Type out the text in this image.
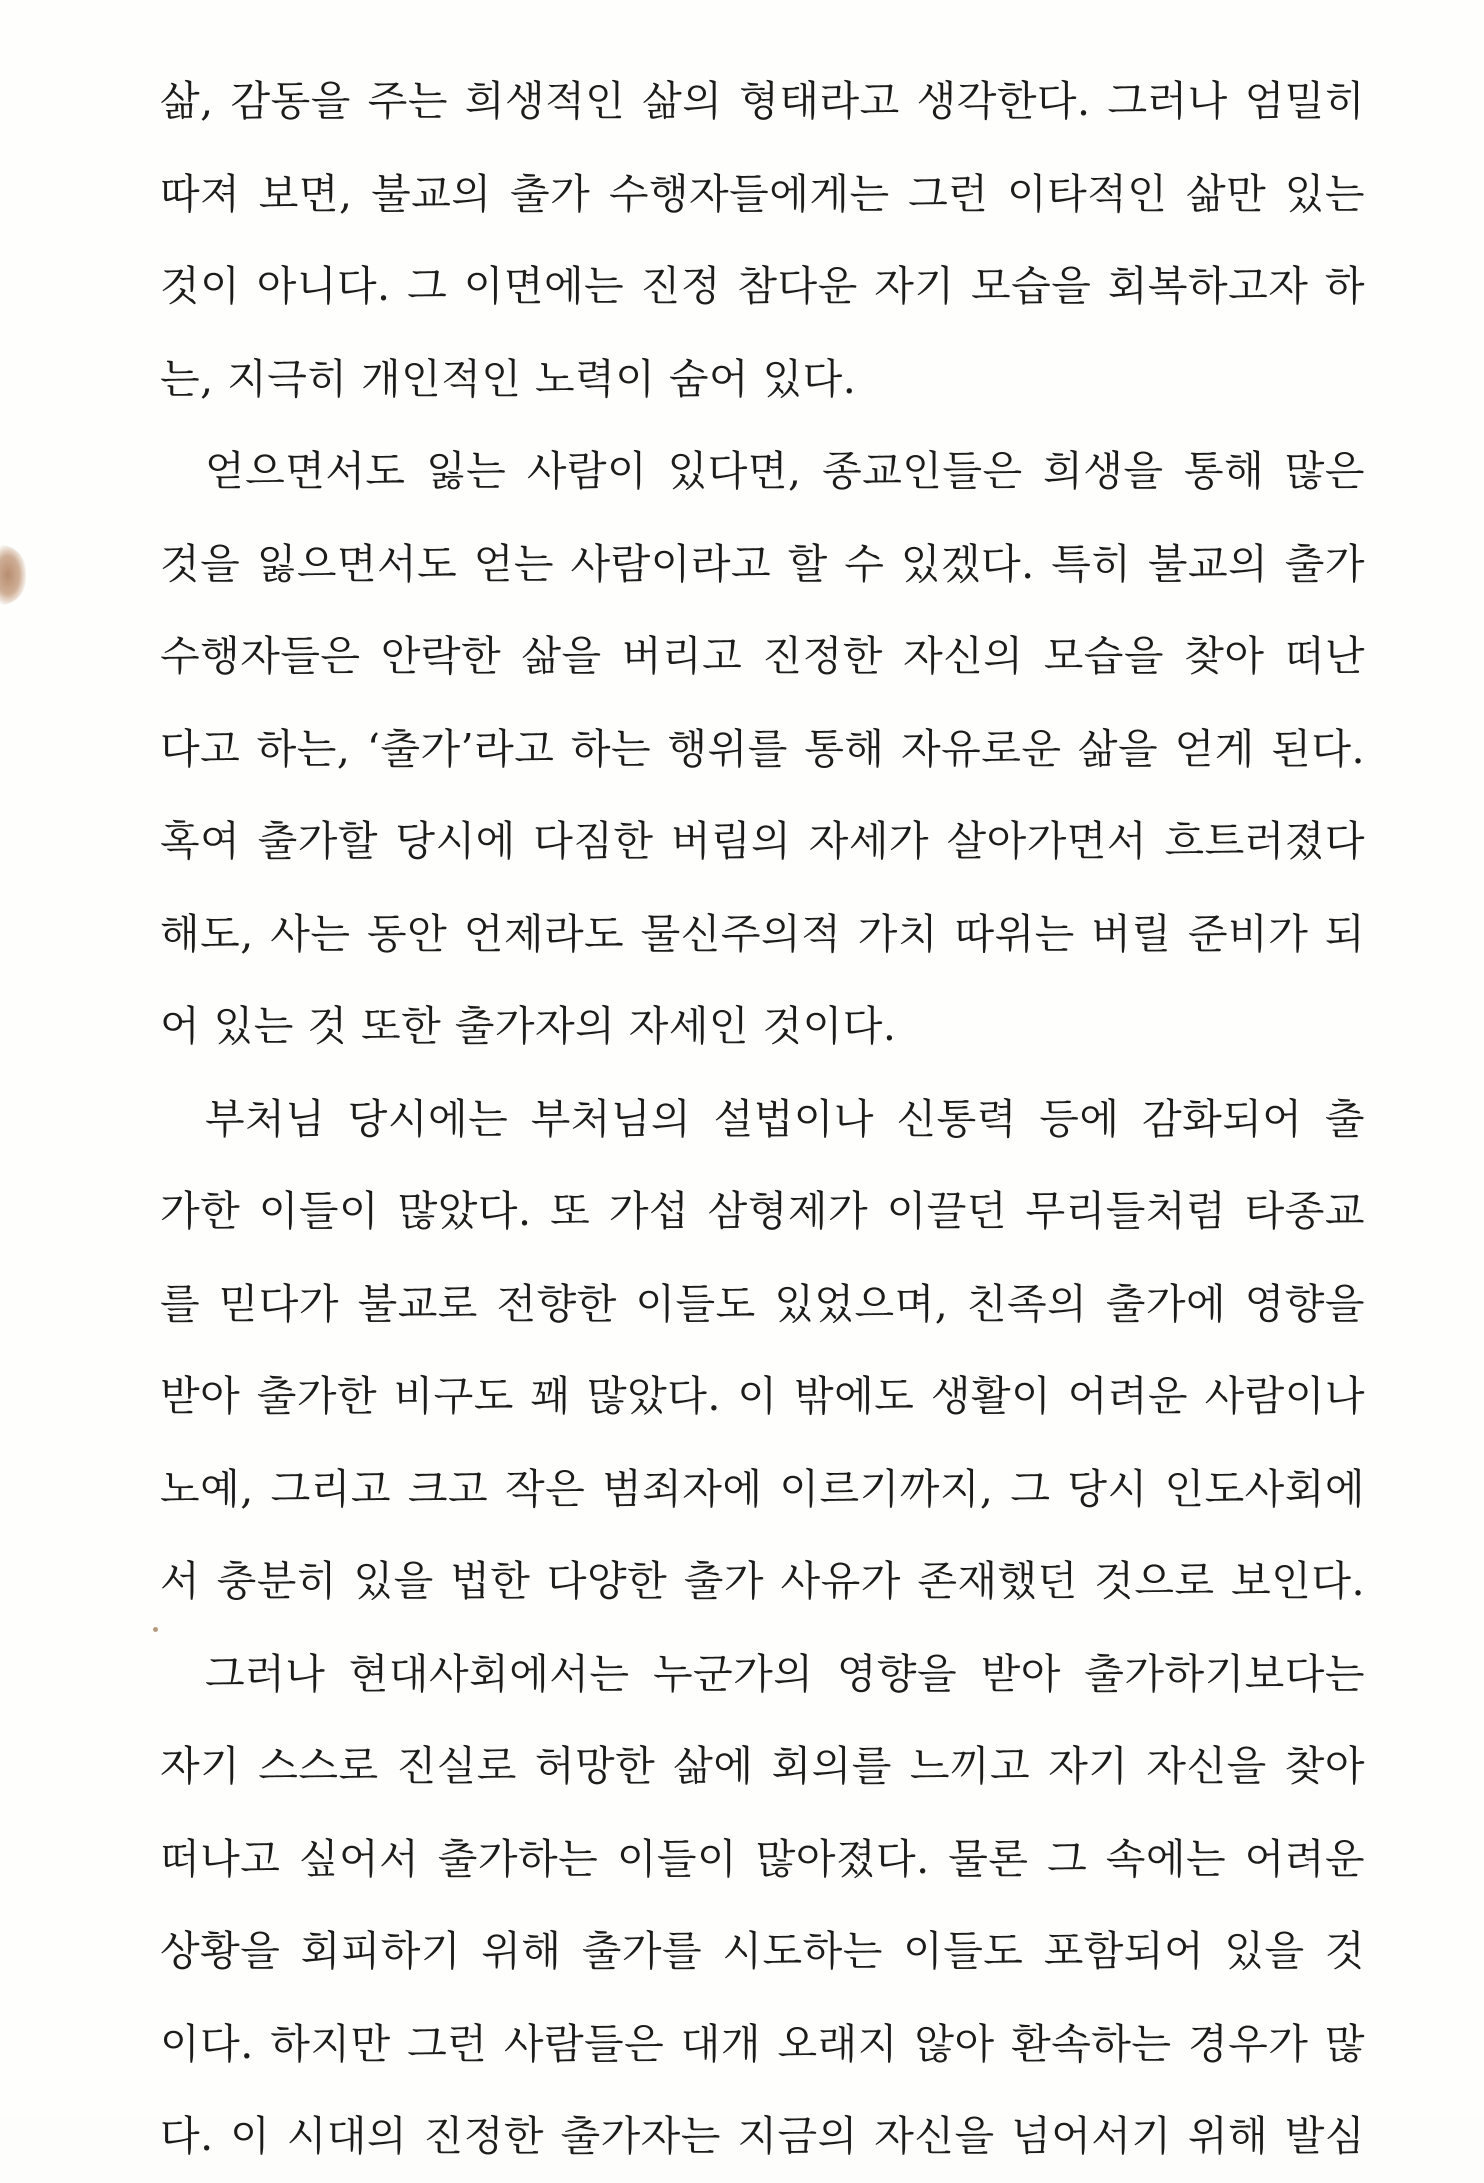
삶, 감동을 주는 희생적인 삶의 형태라고 생각한다. 그러나 엄밀히
따져 보면, 불교의 출가 수행자들에게는 그런 이타적인 삶만 있는
것이 아니다. 그 이면에는 진정 참다운 자기 모습을 회복하고자 하
는, 지극히 개인적인 노력이 숨어 있다.
얻으면서도 잃는 사람이 있다면, 종교인들은 희생을 통해 많은
것을 잃으면서도 얻는 사람이라고 할 수 있겠다. 특히 불교의 출가
수행자들은 안락한 삶을 버리고 진정한 자신의 모습을 찾아 떠난
다고 하는, ‘출가’라고 하는 행위를 통해 자유로운 삶을 얻게 된다.
혹여 출가할 당시에 다짐한 버림의 자세가 살아가면서 흐트러졌다
해도, 사는 동안 언제라도 물신주의적 가치 따위는 버릴 준비가 되
어 있는 것 또한 출가자의 자세인 것이다.
부처님 당시에는 부처님의 설법이나 신통력 등에 감화되어 출
가한 이들이 많았다. 또 가섭 삼형제가 이끌던 무리들처럼 타종교
를 믿다가 불교로 전향한 이들도 있었으며, 친족의 출가에 영향을
받아 출가한 비구도 꽤 많았다. 이 밖에도 생활이 어려운 사람이나
노예, 그리고 크고 작은 범죄자에 이르기까지, 그 당시 인도사회에
서 충분히 있을 법한 다양한 출가 사유가 존재했던 것으로 보인다.
그러나 현대사회에서는 누군가의 영향을 받아 출가하기보다는
자기 스스로 진실로 허망한 삶에 회의를 느끼고 자기 자신을 찾아
떠나고 싶어서 출가하는 이들이 많아졌다. 물론 그 속에는 어려운
상황을 회피하기 위해 출가를 시도하는 이들도 포함되어 있을 것
이다. 하지만 그런 사람들은 대개 오래지 않아 환속하는 경우가 많
다. 이 시대의 진정한 출가자는 지금의 자신을 넘어서기 위해 발심
